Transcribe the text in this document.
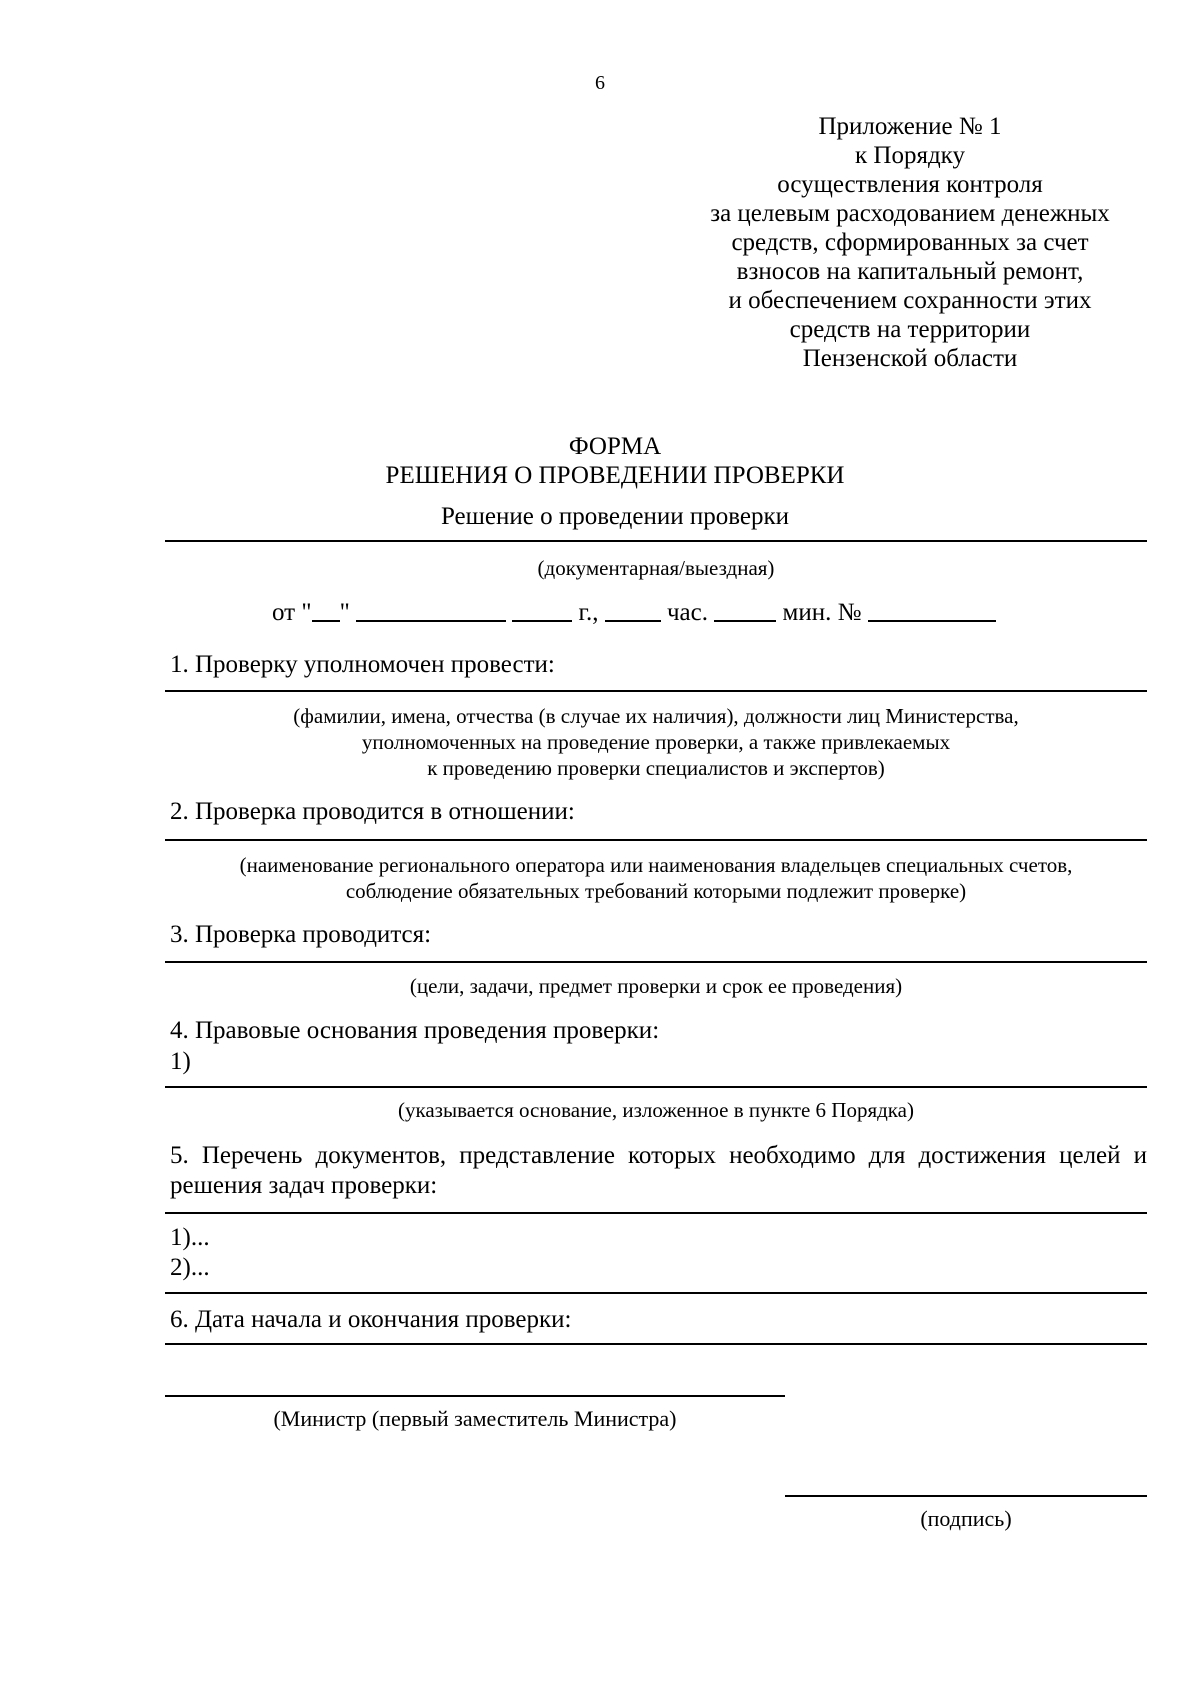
6
Приложение № 1
к Порядку
осуществления контроля
за целевым расходованием денежных
средств, сформированных за счет
взносов на капитальный ремонт,
и обеспечением сохранности этих
средств на территории
Пензенской области
ФОРМА
РЕШЕНИЯ О ПРОВЕДЕНИИ ПРОВЕРКИ
Решение о проведении проверки
(документарная/выездная)
от " "	г.,	час.	мин. №
1. Проверку уполномочен провести:
(фамилии, имена, отчества (в случае их наличия), должности лиц Министерства,
уполномоченных на проведение проверки, а также привлекаемых
к проведению проверки специалистов и экспертов)
2. Проверка проводится в отношении:
(наименование регионального оператора или наименования владельцев специальных счетов,
соблюдение обязательных требований которыми подлежит проверке)
3. Проверка проводится:
(цели, задачи, предмет проверки и срок ее проведения)
4. Правовые основания проведения проверки:
1)
(указывается основание, изложенное в пункте 6 Порядка)
5. Перечень документов, представление которых необходимо для достижения целей и решения задач проверки:
1)...
2)...
6. Дата начала и окончания проверки:
(Министр (первый заместитель Министра)
(подпись)
